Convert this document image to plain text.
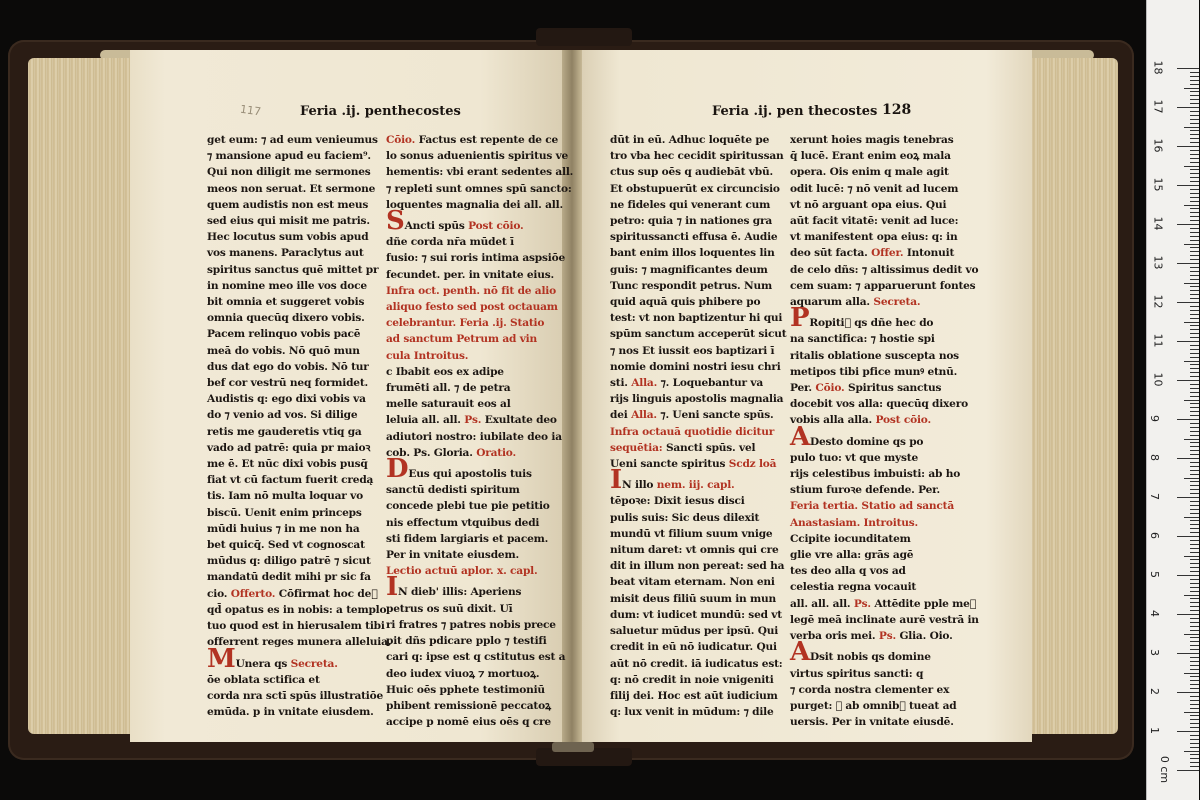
117	Feria .ij. penthecostes	Feria .ij. pen thecostes 128
get eum: ⁊ ad eum venieumus
⁊ mansione apud eu faciem⁹.
Qui non diligit me sermones
meos non seruat. Et sermone
quem audistis non est meus
sed eius qui misit me patris.
Hec locutus sum vobis apud
vos manens. Paraclytus aut
spiritus sanctus quē mittet pr
in nomine meo ille vos doce
bit omnia et suggeret vobis
omnia quecūq dixero vobis.
Pacem relinquo vobis pacē
meā do vobis. Nō quō mun
dus dat ego do vobis. Nō tur
bef cor vestrū neq formidet.
Audistis q: ego dixi vobis va
do ⁊ venio ad vos. Si dilige
retis me gauderetis vtiq ga
vado ad patrē: quia pr maioꝛ
me ē. Et nūc dixi vobis pusq̄
fiat vt cū factum fuerit credą
tis. Iam nō multa loquar vo
biscū. Uenit enim princeps
mūdi huius ⁊ in me non ha
bet quicq̄. Sed vt cognoscat
mūdus q: diligo patrē ⁊ sicut
mandatū dedit mihi pr sic fa
cio. Offerto. Cōfirmat hoc deᷓ
qd̄ opatus es in nobis: a templo
tuo quod est in hierusalem tibi
offerrent reges munera alleluia.
MUnera qs Secreta.
ōe oblata sctifica et
corda nra sctī spūs illustratiōe
emūda. p in vnitate eiusdem.
Cōio. Factus est repente de ce
lo sonus aduenientis spiritus ve
hementis: vbi erant sedentes all.
⁊ repleti sunt omnes spū sancto:
loquentes magnalia dei all. all.
SAncti spūs Post cōio.
dñe corda nr̄a mūdet ī
fusio: ⁊ sui roris intima aspsiōe
fecundet. per. in vnitate eius.
Infra oct. penth. nō fit de alio
aliquo festo sed post octauam
celebrantur. Feria .ij. Statio
ad sanctum Petrum ad vin
cula Introitus.
c Ibabit eos ex adipe
frumēti all. ⁊ de petra
melle saturauit eos al
leluia all. all. Ps. Exultate deo
adiutori nostro: iubilate deo ia
cob. Ps. Gloria. Oratio.
DEus qui apostolis tuis
sanctū dedisti spiritum
concede plebi tue pie petitio
nis effectum vtquibus dedi
sti fidem largiaris et pacem.
Per in vnitate eiusdem.
Lectio actuū aplor. x. capl.
IN dieb' illis: Aperiens
petrus os suū dixit. Uī
ri fratres ⁊ patres nobis prece
pit dñs pdicare pplo ⁊ testifi
cari q: ipse est q cstitutus est a
deo iudex viuoꝝ ⁊ mortuoꝝ.
Huic oēs pphete testimoniū
phibent remissionē peccatoꝝ
accipe p nomē eius oēs q cre
dūt in eū. Adhuc loquēte pe
tro vba hec cecidit spiritussan
ctus sup oēs q audiebāt vbū.
Et obstupuerūt ex circuncisio
ne fideles qui venerant cum
petro: quia ⁊ in nationes gra
spiritussancti effusa ē. Audie
bant enim illos loquentes lin
guis: ⁊ magnificantes deum
Tunc respondit petrus. Num
quid aquā quis phibere po
test: vt non baptizentur hi qui
spūm sanctum acceperūt sicut
⁊ nos Et iussit eos baptizari ī
nomie domini nostri iesu chri
sti. Alla. ⁊. Loquebantur va
rijs linguis apostolis magnalia
dei Alla. ⁊. Ueni sancte spūs.
Infra octauā quotidie dicitur
sequētia: Sancti spūs. vel
Ueni sancte spiritus Scdz loā
IN illo nem. iij. capl.
tēpoꝛe: Dixit iesus disci
pulis suis: Sic deus dilexit
mundū vt filium suum vnige
nitum daret: vt omnis qui cre
dit in illum non pereat: sed ha
beat vitam eternam. Non eni
misit deus filiū suum in mun
dum: vt iudicet mundū: sed vt
saluetur mūdus per ipsū. Qui
credit in eū nō iudicatur. Qui
aūt nō credit. iā iudicatus est:
q: nō credit in noie vnigeniti
filij dei. Hoc est aūt iudicium
q: lux venit in mūdum: ⁊ dile
xerunt hoies magis tenebras
q̄ lucē. Erant enim eoꝝ mala
opera. Ois enim q male agit
odit lucē: ⁊ nō venit ad lucem
vt nō arguant opa eius. Qui
aūt facit vitatē: venit ad luce:
vt manifestent opa eius: q: in
deo sūt facta. Offer. Intonuit
de celo dñs: ⁊ altissimus dedit vo
cem suam: ⁊ apparuerunt fontes
aquarum alla. Secreta.
PRopitiᷓ qs dñe hec do
na sanctifica: ⁊ hostie spi
ritalis oblatione suscepta nos
metipos tibi pfice munꝰ etnū.
Per. Cōio. Spiritus sanctus
docebit vos alla: quecūq dixero
vobis alla alla. Post cōio.
ADesto domine qs po
pulo tuo: vt que myste
rijs celestibus imbuisti: ab ho
stium furoꝛe defende. Per.
Feria tertia. Statio ad sanctā
Anastasiam. Introitus.
Ccipite iocunditatem
glie vre alla: grās agē
tes deo alla q vos ad
celestia regna vocauit
all. all. all. Ps. Attēdite pple meᷓ
legē meā inclinate aurē vestrā in
verba oris mei. Ps. Glia. Oio.
ADsit nobis qs domine
virtus spiritus sancti: q
⁊ corda nostra clementer ex
purget: ⁊ ab omnibᷓ tueat ad
uersis. Per in vnitate eiusdē.
0 cm
1
2
3
4
5
6
7
8
9
10
11
12
13
14
15
16
17
18
